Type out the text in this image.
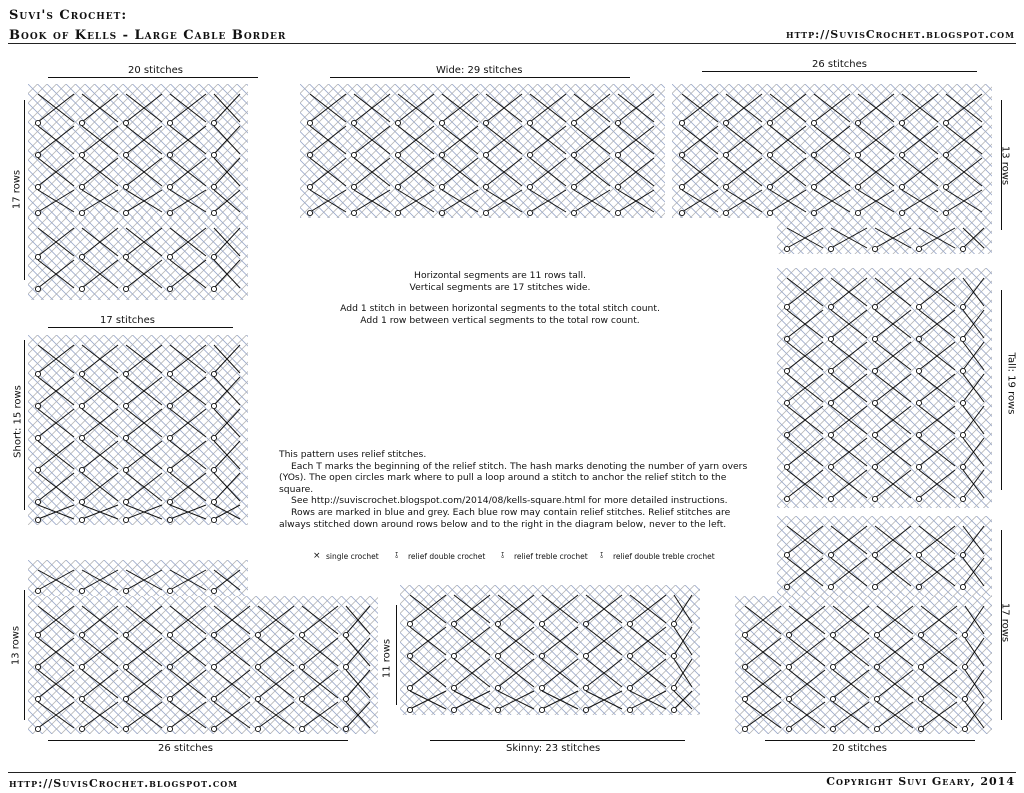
Suvi's Crochet:
Book of Kells - Large Cable Border	http://SuvisCrochet.blogspot.com
http://SuvisCrochet.blogspot.com	Copyright Suvi Geary, 2014
20 stitches
17 rows
Wide: 29 stitches
26 stitches
13 rows
17 stitches
Short: 15 rows
Tall: 19 rows
13 rows
26 stitches
11 rows
Skinny: 23 stitches	20 stitches
17 rows
Horizontal segments are 11 rows tall.
Vertical segments are 17 stitches wide.
Add 1 stitch in between horizontal segments to the total stitch count.
Add 1 row between vertical segments to the total row count.
This pattern uses relief stitches.
Each T marks the beginning of the relief stitch. The hash marks denoting the number of yarn overs (YOs). The open circles mark where to pull a loop around a stitch to anchor the relief stitch to the square.
See http://suviscrochet.blogspot.com/2014/08/kells-square.html for more detailed instructions.
Rows are marked in blue and grey. Each blue row may contain relief stitches. Relief stitches are always stitched down around rows below and to the right in the diagram below, never to the left.
× single crochet ⫱ relief double crochet ⫱ relief treble crochet ⫱ relief double treble crochet
